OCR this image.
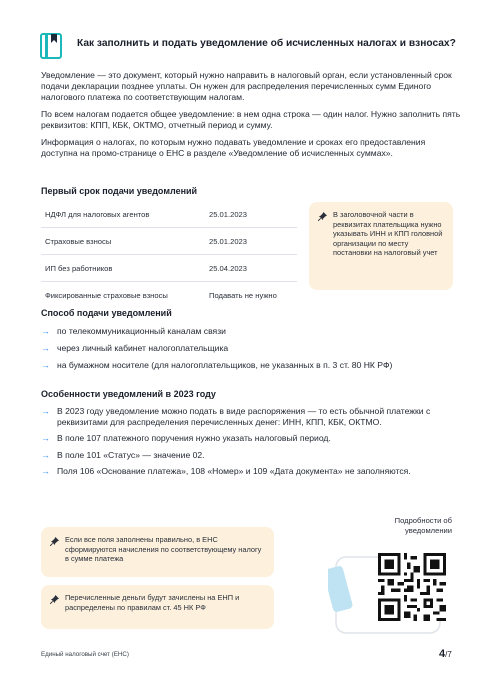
Как заполнить и подать уведомление об исчисленных налогах и взносах?
Уведомление — это документ, который нужно направить в налоговый орган, если установленный срок подачи декларации позднее уплаты. Он нужен для распределения перечисленных сумм Единого налогового платежа по соответствующим налогам.
По всем налогам подается общее уведомление: в нем одна строка — один налог. Нужно заполнить пять реквизитов: КПП, КБК, ОКТМО, отчетный период и сумму.
Информация о налогах, по которым нужно подавать уведомление и сроках его предоставления доступна на промо-странице о ЕНС в разделе «Уведомление об исчисленных суммах».
Первый срок подачи уведомлений
НДФЛ для налоговых агентов	25.01.2023
Страховые взносы	25.01.2023
ИП без работников	25.04.2023
Фиксированные страховые взносы	Подавать не нужно
В заголовочной части в реквизитах плательщика нужно указывать ИНН и КПП головной организации по месту постановки на налоговый учет
Способ подачи уведомлений
→ по телекоммуникационный каналам связи
→ через личный кабинет налогоплательщика
→ на бумажном носителе (для налогоплательщиков, не указанных в п. 3 ст. 80 НК РФ)
Особенности уведомлений в 2023 году
→ В 2023 году уведомление можно подать в виде распоряжения — то есть обычной платежки с реквизитами для распределения перечисленных денег: ИНН, КПП, КБК, ОКТМО.
→ В поле 107 платежного поручения нужно указать налоговый период.
→ В поле 101 «Статус» — значение 02.
→ Поля 106 «Основание платежа», 108 «Номер» и 109 «Дата документа» не заполняются.
Если все поля заполнены правильно, в ЕНС сформируются начисления по соответствующему налогу в сумме платежа
Перечисленные деньги будут зачислены на ЕНП и распределены по правилам ст. 45 НК РФ
Подробности об уведомлении
Единый налоговый счет (ЕНС)	4/7
